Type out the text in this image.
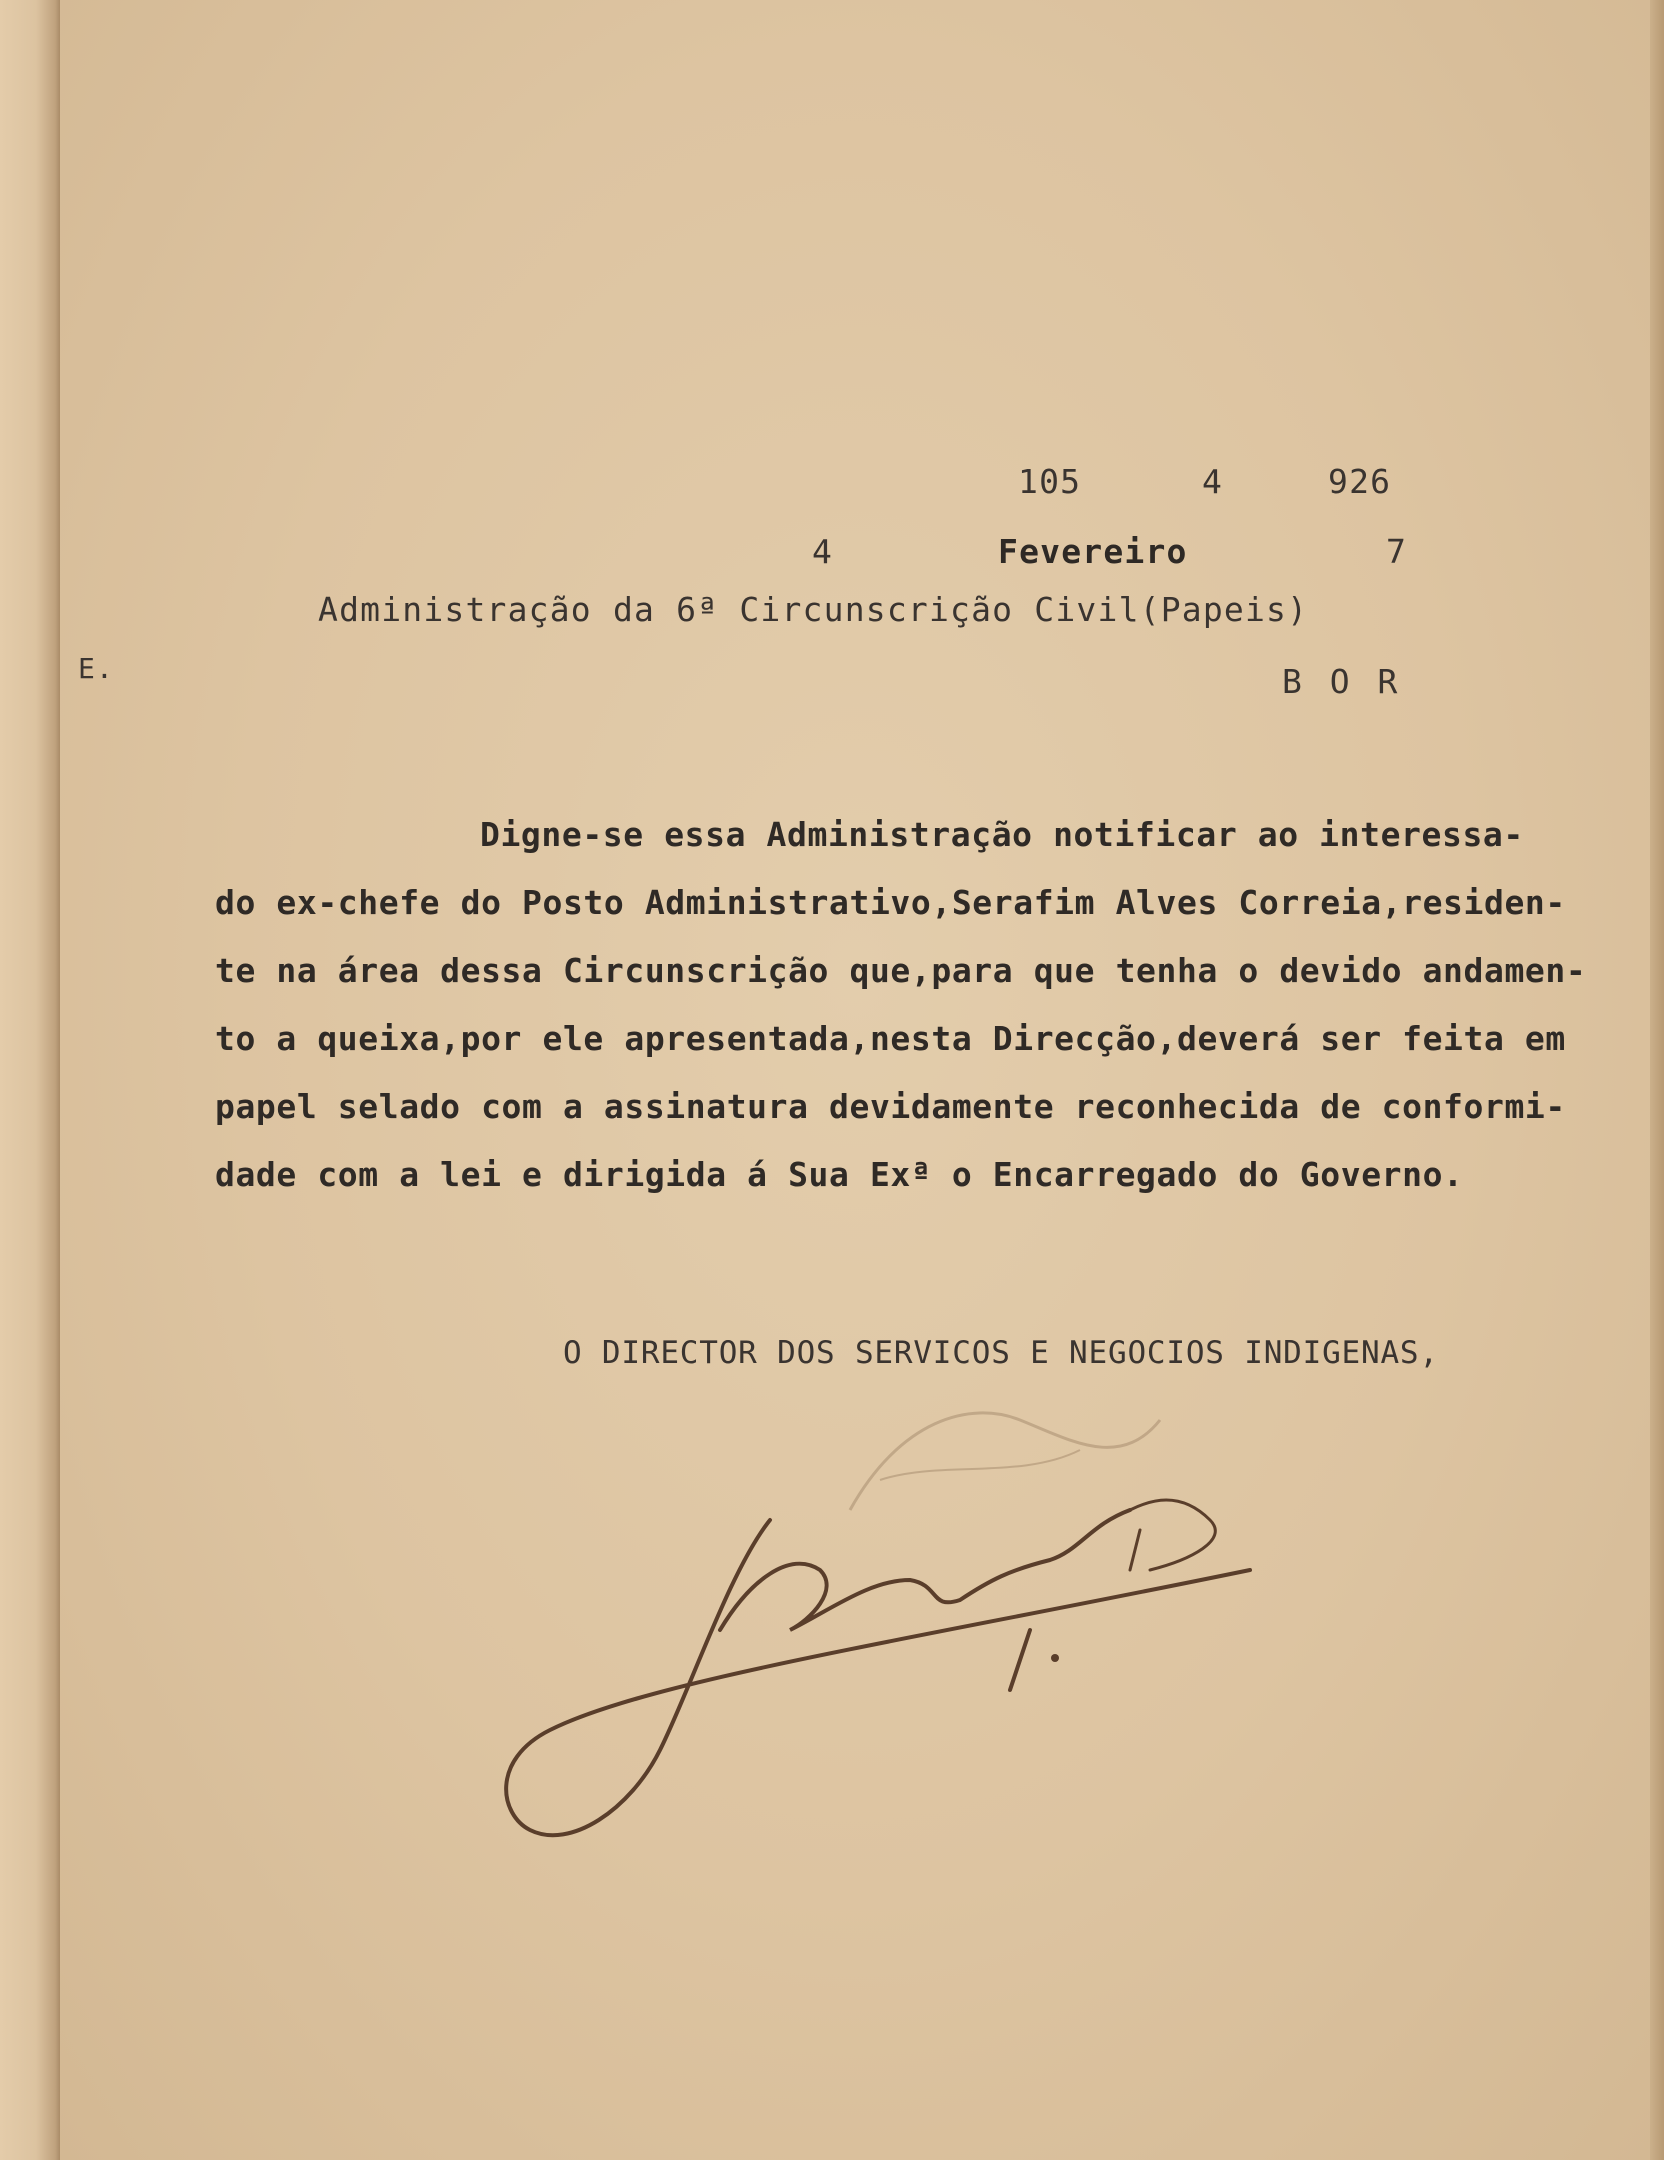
105	4	926
4	Fevereiro	7
Administração da 6ª Circunscrição Civil(Papeis)
E.	B O R
Digne-se essa Administração notificar ao interessa-
do ex-chefe do Posto Administrativo,Serafim Alves Correia,residen-
te na área dessa Circunscrição que,para que tenha o devido andamen-
to a queixa,por ele apresentada,nesta Direcção,deverá ser feita em
papel selado com a assinatura devidamente reconhecida de conformi-
dade com a lei e dirigida á Sua Exª o Encarregado do Governo.
O DIRECTOR DOS SERVICOS E NEGOCIOS INDIGENAS,
